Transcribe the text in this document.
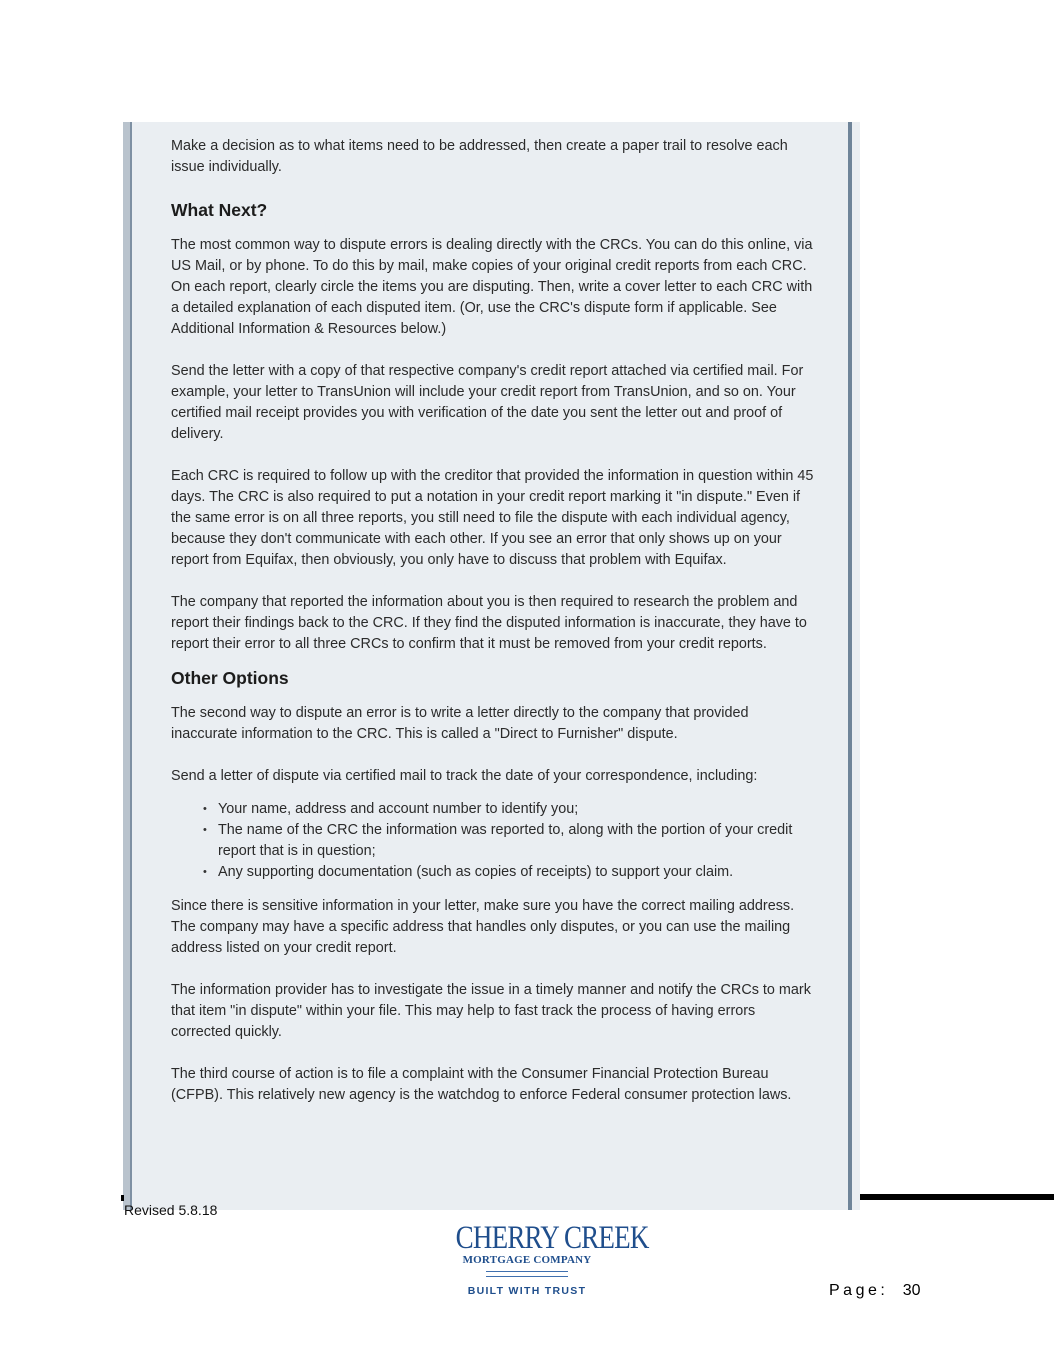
Make a decision as to what items need to be addressed, then create a paper trail to resolve each issue individually.

What Next?

The most common way to dispute errors is dealing directly with the CRCs. You can do this online, via US Mail, or by phone. To do this by mail, make copies of your original credit reports from each CRC. On each report, clearly circle the items you are disputing. Then, write a cover letter to each CRC with a detailed explanation of each disputed item. (Or, use the CRC's dispute form if applicable. See Additional Information & Resources below.)

Send the letter with a copy of that respective company's credit report attached via certified mail. For example, your letter to TransUnion will include your credit report from TransUnion, and so on. Your certified mail receipt provides you with verification of the date you sent the letter out and proof of delivery.

Each CRC is required to follow up with the creditor that provided the information in question within 45 days. The CRC is also required to put a notation in your credit report marking it "in dispute." Even if the same error is on all three reports, you still need to file the dispute with each individual agency, because they don't communicate with each other. If you see an error that only shows up on your report from Equifax, then obviously, you only have to discuss that problem with Equifax.

The company that reported the information about you is then required to research the problem and report their findings back to the CRC. If they find the disputed information is inaccurate, they have to report their error to all three CRCs to confirm that it must be removed from your credit reports.

Other Options

The second way to dispute an error is to write a letter directly to the company that provided inaccurate information to the CRC. This is called a "Direct to Furnisher" dispute.

Send a letter of dispute via certified mail to track the date of your correspondence, including:

• Your name, address and account number to identify you;
• The name of the CRC the information was reported to, along with the portion of your credit report that is in question;
• Any supporting documentation (such as copies of receipts) to support your claim.

Since there is sensitive information in your letter, make sure you have the correct mailing address. The company may have a specific address that handles only disputes, or you can use the mailing address listed on your credit report.

The information provider has to investigate the issue in a timely manner and notify the CRCs to mark that item "in dispute" within your file. This may help to fast track the process of having errors corrected quickly.

The third course of action is to file a complaint with the Consumer Financial Protection Bureau (CFPB). This relatively new agency is the watchdog to enforce Federal consumer protection laws.

Revised 5.8.18
CHERRY CREEK
MORTGAGE COMPANY
BUILT WITH TRUST	Page: 30
